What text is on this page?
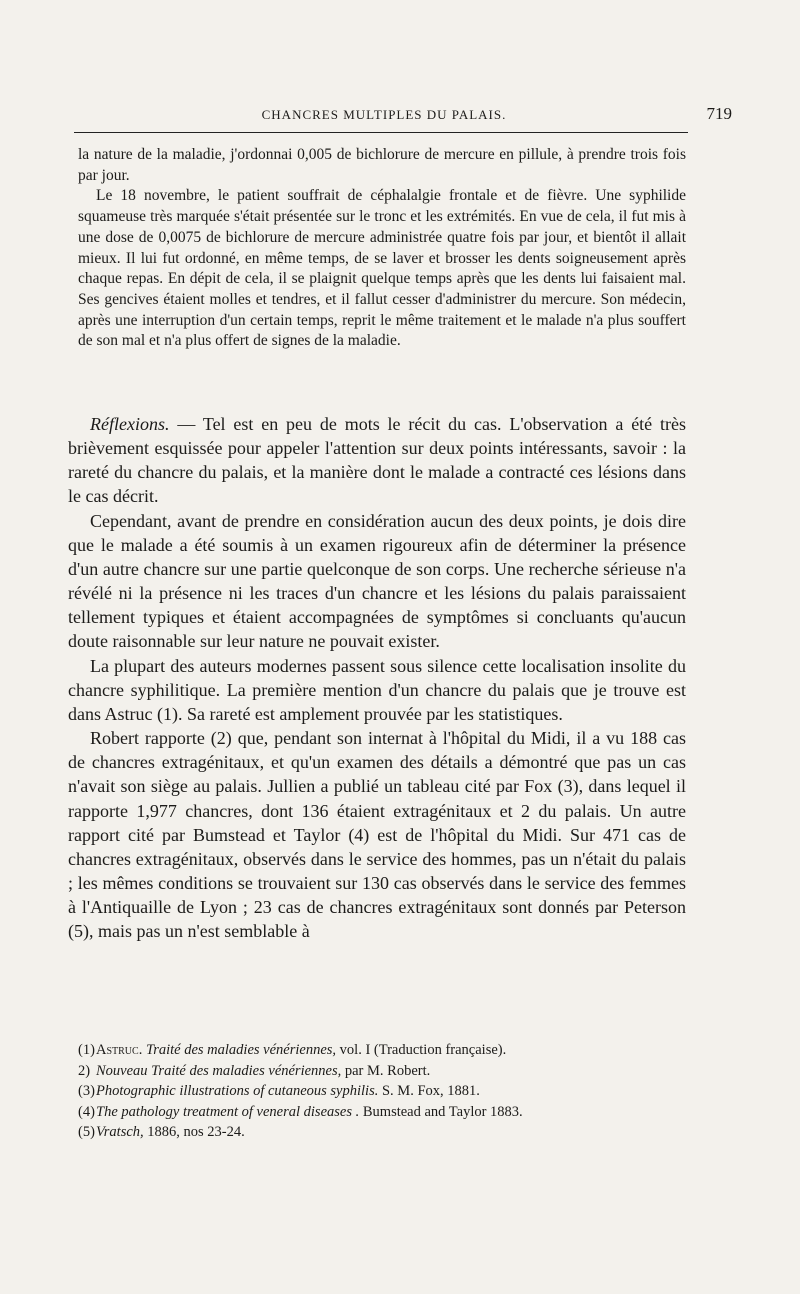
CHANCRES MULTIPLES DU PALAIS.	719

la nature de la maladie, j'ordonnai 0,005 de bichlorure de mercure en pillule, à prendre trois fois par jour.

Le 18 novembre, le patient souffrait de céphalalgie frontale et de fièvre. Une syphilide squameuse très marquée s'était présentée sur le tronc et les extrémités. En vue de cela, il fut mis à une dose de 0,0075 de bichlorure de mercure administrée quatre fois par jour, et bientôt il allait mieux. Il lui fut ordonné, en même temps, de se laver et brosser les dents soigneusement après chaque repas. En dépit de cela, il se plaignit quelque temps après que les dents lui faisaient mal. Ses gencives étaient molles et tendres, et il fallut cesser d'administrer du mercure. Son médecin, après une interruption d'un certain temps, reprit le même traitement et le malade n'a plus souffert de son mal et n'a plus offert de signes de la maladie.

Réflexions. — Tel est en peu de mots le récit du cas. L'observation a été très brièvement esquissée pour appeler l'attention sur deux points intéressants, savoir : la rareté du chancre du palais, et la manière dont le malade a contracté ces lésions dans le cas décrit.

Cependant, avant de prendre en considération aucun des deux points, je dois dire que le malade a été soumis à un examen rigoureux afin de déterminer la présence d'un autre chancre sur une partie quelconque de son corps. Une recherche sérieuse n'a révélé ni la présence ni les traces d'un chancre et les lésions du palais paraissaient tellement typiques et étaient accompagnées de symptômes si concluants qu'aucun doute raisonnable sur leur nature ne pouvait exister.

La plupart des auteurs modernes passent sous silence cette localisation insolite du chancre syphilitique. La première mention d'un chancre du palais que je trouve est dans Astruc (1). Sa rareté est amplement prouvée par les statistiques.

Robert rapporte (2) que, pendant son internat à l'hôpital du Midi, il a vu 188 cas de chancres extragénitaux, et qu'un examen des détails a démontré que pas un cas n'avait son siège au palais. Jullien a publié un tableau cité par Fox (3), dans lequel il rapporte 1,977 chancres, dont 136 étaient extragénitaux et 2 du palais. Un autre rapport cité par Bumstead et Taylor (4) est de l'hôpital du Midi. Sur 471 cas de chancres extragénitaux, observés dans le service des hommes, pas un n'était du palais ; les mêmes conditions se trouvaient sur 130 cas observés dans le service des femmes à l'Antiquaille de Lyon ; 23 cas de chancres extragénitaux sont donnés par Peterson (5), mais pas un n'est semblable à

(1) Astruc. Traité des maladies vénériennes, vol. I (Traduction française).
2) Nouveau Traité des maladies vénériennes, par M. Robert.
(3) Photographic illustrations of cutaneous syphilis. S. M. Fox, 1881.
(4) The pathology treatment of veneral diseases . Bumstead and Taylor 1883.
(5) Vratsch, 1886, nos 23-24.
